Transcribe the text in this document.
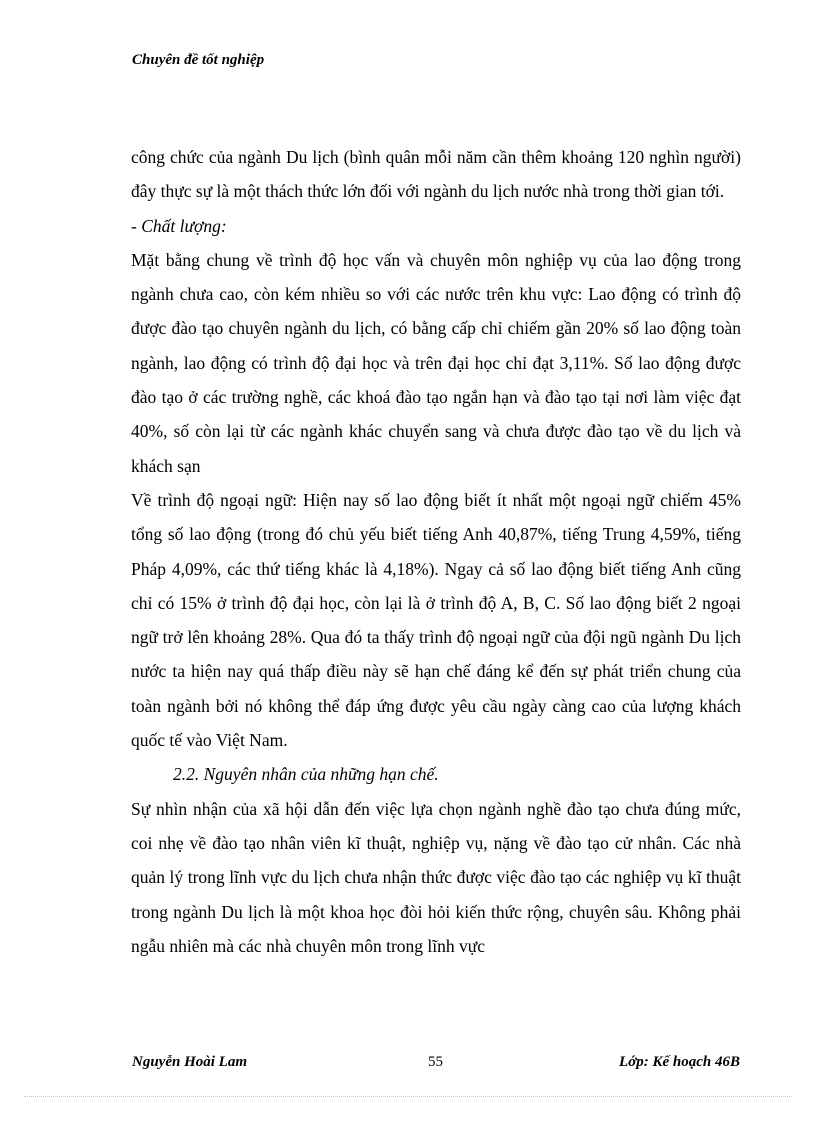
Chuyên đề tốt nghiệp

công chức của ngành Du lịch (bình quân mỗi năm cần thêm khoảng 120 nghìn người) đây thực sự là một thách thức lớn đối với ngành du lịch nước nhà trong thời gian tới.

- Chất lượng:

Mặt bằng chung về trình độ học vấn và chuyên môn nghiệp vụ của lao động trong ngành chưa cao, còn kém nhiều so với các nước trên khu vực: Lao động có trình độ được đào tạo chuyên ngành du lịch, có bằng cấp chỉ chiếm gần 20% số lao động toàn ngành, lao động có trình độ đại học và trên đại học chỉ đạt 3,11%. Số lao động được đào tạo ở các trường nghề, các khoá đào tạo ngắn hạn và đào tạo tại nơi làm việc đạt 40%, số còn lại từ các ngành khác chuyển sang và chưa được đào tạo về du lịch và khách sạn

Về trình độ ngoại ngữ: Hiện nay số lao động biết ít nhất một ngoại ngữ chiếm 45% tổng số lao động (trong đó chủ yếu biết tiếng Anh 40,87%, tiếng Trung 4,59%, tiếng Pháp 4,09%, các thứ tiếng khác là 4,18%). Ngay cả số lao động biết tiếng Anh cũng chỉ có 15% ở trình độ đại học, còn lại là ở trình độ A, B, C. Số lao động biết 2 ngoại ngữ trở lên khoảng 28%. Qua đó ta thấy trình độ ngoại ngữ của đội ngũ ngành Du lịch nước ta hiện nay quá thấp điều này sẽ hạn chế đáng kể đến sự phát triển chung của toàn ngành bởi nó không thể đáp ứng được yêu cầu ngày càng cao của lượng khách quốc tế vào Việt Nam.

2.2. Nguyên nhân của những hạn chế.

Sự nhìn nhận của xã hội dẫn đến việc lựa chọn ngành nghề đào tạo chưa đúng mức, coi nhẹ về đào tạo nhân viên kĩ thuật, nghiệp vụ, nặng về đào tạo cử nhân. Các nhà quản lý trong lĩnh vực du lịch chưa nhận thức được việc đào tạo các nghiệp vụ kĩ thuật trong ngành Du lịch là một khoa học đòi hỏi kiến thức rộng, chuyên sâu. Không phải ngẫu nhiên mà các nhà chuyên môn trong lĩnh vực

Nguyễn Hoài Lam	55	Lớp: Kế hoạch 46B
